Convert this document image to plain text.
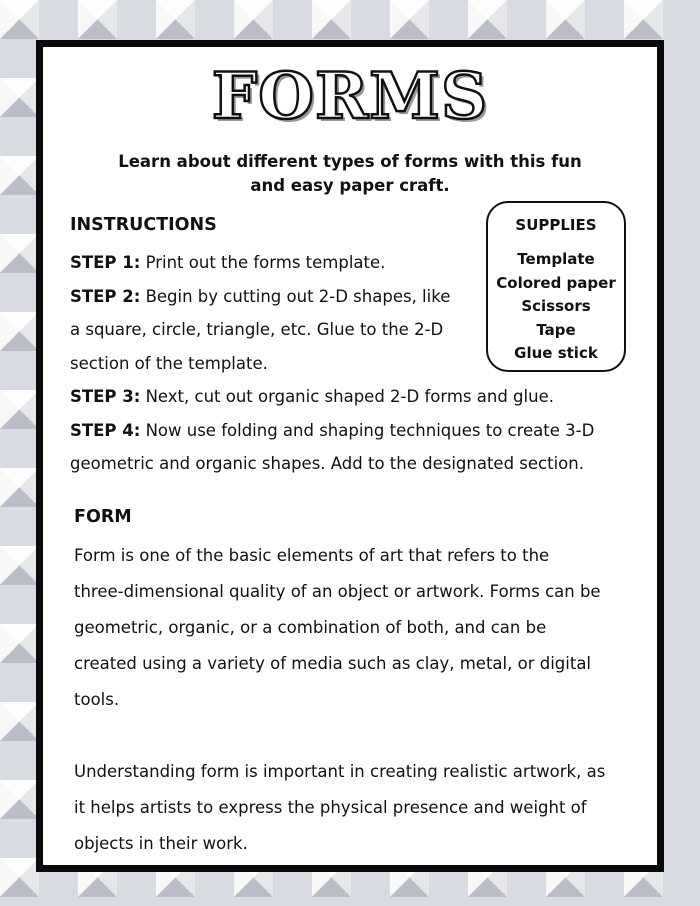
FORMS
Learn about different types of forms with this fun
and easy paper craft.
INSTRUCTIONS
STEP 1: Print out the forms template.
STEP 2: Begin by cutting out 2-D shapes, like
a square, circle, triangle, etc. Glue to the 2-D
section of the template.
STEP 3: Next, cut out organic shaped 2-D forms and glue.
STEP 4: Now use folding and shaping techniques to create 3-D
geometric and organic shapes. Add to the designated section.
SUPPLIES
Template
Colored paper
Scissors
Tape
Glue stick
FORM
Form is one of the basic elements of art that refers to the
three-dimensional quality of an object or artwork. Forms can be
geometric, organic, or a combination of both, and can be
created using a variety of media such as clay, metal, or digital
tools.
Understanding form is important in creating realistic artwork, as
it helps artists to express the physical presence and weight of
objects in their work.
